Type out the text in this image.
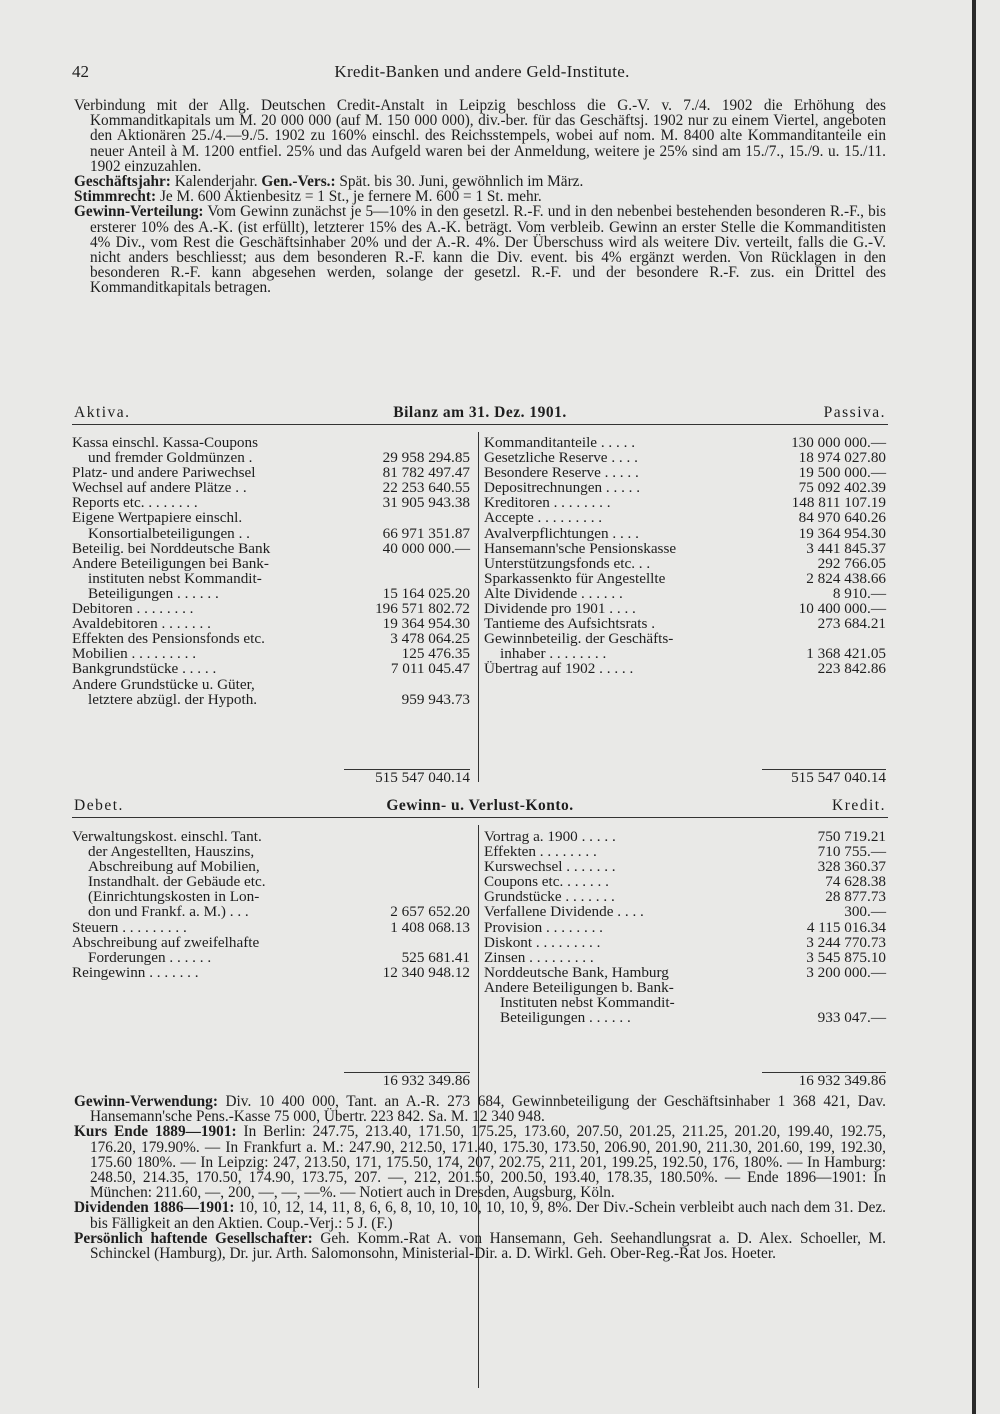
42	Kredit-Banken und andere Geld-Institute.

Verbindung mit der Allg. Deutschen Credit-Anstalt in Leipzig beschloss die G.-V. v. 7./4. 1902 die Erhöhung des Kommanditkapitals um M. 20 000 000 (auf M. 150 000 000), div.-ber. für das Geschäftsj. 1902 nur zu einem Viertel, angeboten den Aktionären 25./4.—9./5. 1902 zu 160% einschl. des Reichsstempels, wobei auf nom. M. 8400 alte Kommanditanteile ein neuer Anteil à M. 1200 entfiel. 25% und das Aufgeld waren bei der Anmeldung, weitere je 25% sind am 15./7., 15./9. u. 15./11. 1902 einzuzahlen.

Geschäftsjahr: Kalenderjahr. Gen.-Vers.: Spät. bis 30. Juni, gewöhnlich im März.

Stimmrecht: Je M. 600 Aktienbesitz = 1 St., je fernere M. 600 = 1 St. mehr.

Gewinn-Verteilung: Vom Gewinn zunächst je 5—10% in den gesetzl. R.-F. und in den nebenbei bestehenden besonderen R.-F., bis ersterer 10% des A.-K. (ist erfüllt), letzterer 15% des A.-K. beträgt. Vom verbleib. Gewinn an erster Stelle die Kommanditisten 4% Div., vom Rest die Geschäftsinhaber 20% und der A.-R. 4%. Der Überschuss wird als weitere Div. verteilt, falls die G.-V. nicht anders beschliesst; aus dem besonderen R.-F. kann die Div. event. bis 4% ergänzt werden. Von Rücklagen in den besonderen R.-F. kann abgesehen werden, solange der gesetzl. R.-F. und der besondere R.-F. zus. ein Drittel des Kommanditkapitals betragen.

Aktiva.	Bilanz am 31. Dez. 1901.	Passiva.
Kassa einschl. Kassa-Coupons
und fremder Goldmünzen .	29 958 294.85
Platz- und andere Pariwechsel	81 782 497.47
Wechsel auf andere Plätze . .	22 253 640.55
Reports etc. . . . . . . .	31 905 943.38
Eigene Wertpapiere einschl.
Konsortialbeteiligungen . .	66 971 351.87
Beteilig. bei Norddeutsche Bank	40 000 000.—
Andere Beteiligungen bei Bank-
instituten nebst Kommandit-
Beteiligungen . . . . . .	15 164 025.20
Debitoren . . . . . . . .	196 571 802.72
Avaldebitoren . . . . . . .	19 364 954.30
Effekten des Pensionsfonds etc.	3 478 064.25
Mobilien . . . . . . . . .	125 476.35
Bankgrundstücke . . . . .	7 011 045.47
Andere Grundstücke u. Güter,
letztere abzügl. der Hypoth.	959 943.73
Kommanditanteile . . . . .	130 000 000.—
Gesetzliche Reserve . . . .	18 974 027.80
Besondere Reserve . . . . .	19 500 000.—
Depositrechnungen . . . . .	75 092 402.39
Kreditoren . . . . . . . .	148 811 107.19
Accepte . . . . . . . . .	84 970 640.26
Avalverpflichtungen . . . .	19 364 954.30
Hansemann'sche Pensionskasse	3 441 845.37
Unterstützungsfonds etc. . .	292 766.05
Sparkassenkto für Angestellte	2 824 438.66
Alte Dividende . . . . . .	8 910.—
Dividende pro 1901 . . . .	10 400 000.—
Tantieme des Aufsichtsrats .	273 684.21
Gewinnbeteilig. der Geschäfts-
inhaber . . . . . . . .	1 368 421.05
Übertrag auf 1902 . . . . .	223 842.86
515 547 040.14	515 547 040.14
Debet.	Gewinn- u. Verlust-Konto.	Kredit.
Verwaltungskost. einschl. Tant.
der Angestellten, Hauszins,
Abschreibung auf Mobilien,
Instandhalt. der Gebäude etc.
(Einrichtungskosten in Lon-
don und Frankf. a. M.) . . .	2 657 652.20
Steuern . . . . . . . . .	1 408 068.13
Abschreibung auf zweifelhafte
Forderungen . . . . . .	525 681.41
Reingewinn . . . . . . .	12 340 948.12
Vortrag a. 1900 . . . . .	750 719.21
Effekten . . . . . . . .	710 755.—
Kurswechsel . . . . . . .	328 360.37
Coupons etc. . . . . . .	74 628.38
Grundstücke . . . . . . .	28 877.73
Verfallene Dividende . . . .	300.—
Provision . . . . . . . .	4 115 016.34
Diskont . . . . . . . . .	3 244 770.73
Zinsen . . . . . . . . .	3 545 875.10
Norddeutsche Bank, Hamburg	3 200 000.—
Andere Beteiligungen b. Bank-
Instituten nebst Kommandit-
Beteiligungen . . . . . .	933 047.—
16 932 349.86	16 932 349.86

Gewinn-Verwendung: Div. 10 400 000, Tant. an A.-R. 273 684, Gewinnbeteiligung der Geschäftsinhaber 1 368 421, Dav. Hansemann'sche Pens.-Kasse 75 000, Übertr. 223 842. Sa. M. 12 340 948.

Kurs Ende 1889—1901: In Berlin: 247.75, 213.40, 171.50, 175.25, 173.60, 207.50, 201.25, 211.25, 201.20, 199.40, 192.75, 176.20, 179.90%. — In Frankfurt a. M.: 247.90, 212.50, 171.40, 175.30, 173.50, 206.90, 201.90, 211.30, 201.60, 199, 192.30, 175.60 180%. — In Leipzig: 247, 213.50, 171, 175.50, 174, 207, 202.75, 211, 201, 199.25, 192.50, 176, 180%. — In Hamburg: 248.50, 214.35, 170.50, 174.90, 173.75, 207. —, 212, 201.50, 200.50, 193.40, 178.35, 180.50%. — Ende 1896—1901: In München: 211.60, —, 200, —, —, —%. — Notiert auch in Dresden, Augsburg, Köln.

Dividenden 1886—1901: 10, 10, 12, 14, 11, 8, 6, 6, 8, 10, 10, 10, 10, 10, 9, 8%. Der Div.-Schein verbleibt auch nach dem 31. Dez. bis Fälligkeit an den Aktien. Coup.-Verj.: 5 J. (F.)

Persönlich haftende Gesellschafter: Geh. Komm.-Rat A. von Hansemann, Geh. Seehandlungsrat a. D. Alex. Schoeller, M. Schinckel (Hamburg), Dr. jur. Arth. Salomonsohn, Ministerial-Dir. a. D. Wirkl. Geh. Ober-Reg.-Rat Jos. Hoeter.
